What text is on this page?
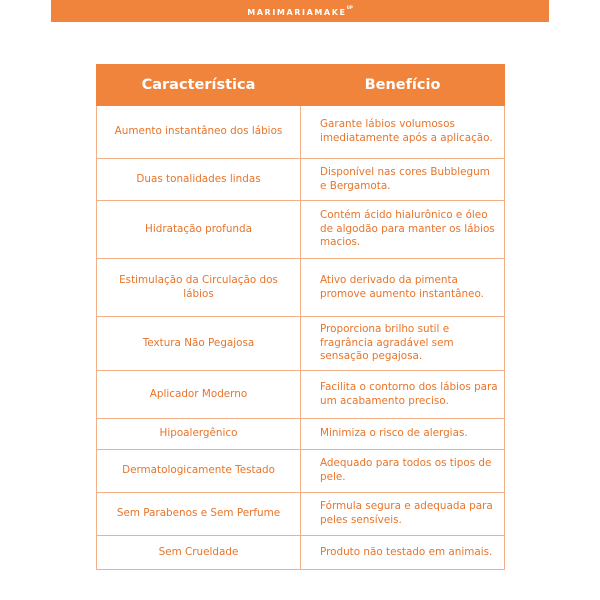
$MARIMARIAMAKE^{UP}$
Característica	Benefício
Aumento instantâneo dos lábios	Garante lábios volumosos imediatamente após a aplicação.
Duas tonalidades lindas	Disponível nas cores Bubblegum e Bergamota.
Hidratação profunda	Contém ácido hialurônico e óleo de algodão para manter os lábios macios.
Estimulação da Circulação dos lábios	Ativo derivado da pimenta promove aumento instantâneo.
Textura Não Pegajosa	Proporciona brilho sutil e fragrância agradável sem sensação pegajosa.
Aplicador Moderno	Facilita o contorno dos lábios para um acabamento preciso.
Hipoalergênico	Minimiza o risco de alergias.
Dermatologicamente Testado	Adequado para todos os tipos de pele.
Sem Parabenos e Sem Perfume	Fórmula segura e adequada para peles sensíveis.
Sem Crueldade	Produto não testado em animais.
